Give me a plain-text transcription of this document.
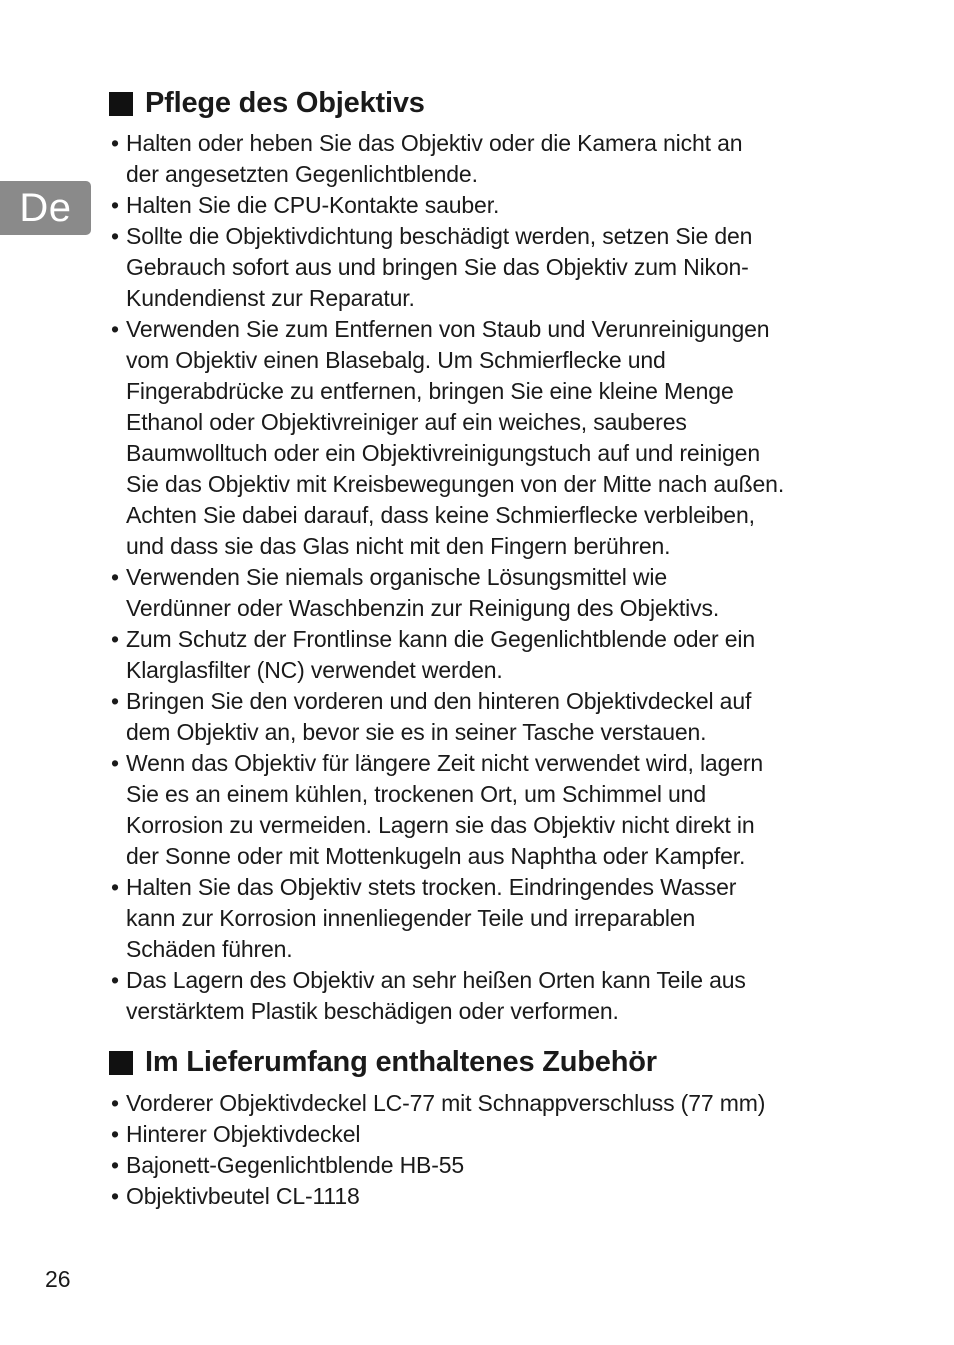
De
Pflege des Objektivs
• Halten oder heben Sie das Objektiv oder die Kamera nicht an
der angesetzten Gegenlichtblende.
• Halten Sie die CPU-Kontakte sauber.
• Sollte die Objektivdichtung beschädigt werden, setzen Sie den
Gebrauch sofort aus und bringen Sie das Objektiv zum Nikon-
Kundendienst zur Reparatur.
• Verwenden Sie zum Entfernen von Staub und Verunreinigungen
vom Objektiv einen Blasebalg. Um Schmierflecke und
Fingerabdrücke zu entfernen, bringen Sie eine kleine Menge
Ethanol oder Objektivreiniger auf ein weiches, sauberes
Baumwolltuch oder ein Objektivreinigungstuch auf und reinigen
Sie das Objektiv mit Kreisbewegungen von der Mitte nach außen.
Achten Sie dabei darauf, dass keine Schmierflecke verbleiben,
und dass sie das Glas nicht mit den Fingern berühren.
• Verwenden Sie niemals organische Lösungsmittel wie
Verdünner oder Waschbenzin zur Reinigung des Objektivs.
• Zum Schutz der Frontlinse kann die Gegenlichtblende oder ein
Klarglasfilter (NC) verwendet werden.
• Bringen Sie den vorderen und den hinteren Objektivdeckel auf
dem Objektiv an, bevor sie es in seiner Tasche verstauen.
• Wenn das Objektiv für längere Zeit nicht verwendet wird, lagern
Sie es an einem kühlen, trockenen Ort, um Schimmel und
Korrosion zu vermeiden. Lagern sie das Objektiv nicht direkt in
der Sonne oder mit Mottenkugeln aus Naphtha oder Kampfer.
• Halten Sie das Objektiv stets trocken. Eindringendes Wasser
kann zur Korrosion innenliegender Teile und irreparablen
Schäden führen.
• Das Lagern des Objektiv an sehr heißen Orten kann Teile aus
verstärktem Plastik beschädigen oder verformen.
Im Lieferumfang enthaltenes Zubehör
• Vorderer Objektivdeckel LC-77 mit Schnappverschluss (77 mm)
• Hinterer Objektivdeckel
• Bajonett-Gegenlichtblende HB-55
• Objektivbeutel CL-1118
26
